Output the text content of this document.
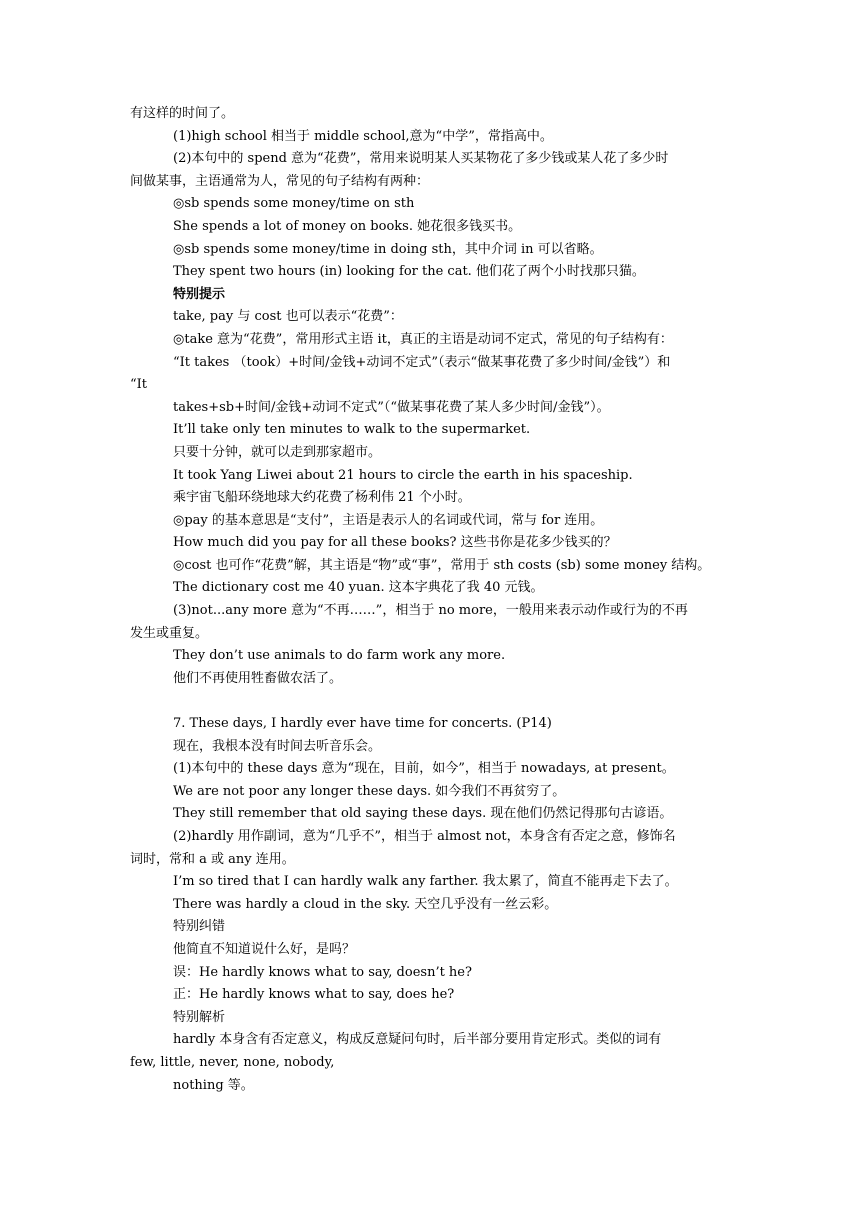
有这样的时间了。
(1)high school 相当于 middle school,意为“中学”，常指高中。
(2)本句中的 spend 意为“花费”，常用来说明某人买某物花了多少钱或某人花了多少时
间做某事，主语通常为人，常见的句子结构有两种：
◎sb spends some money/time on sth
She spends a lot of money on books. 她花很多钱买书。
◎sb spends some money/time in doing sth，其中介词 in 可以省略。
They spent two hours (in) looking for the cat. 他们花了两个小时找那只猫。
特别提示
take, pay 与 cost 也可以表示“花费”：
◎take 意为“花费”，常用形式主语 it，真正的主语是动词不定式，常见的句子结构有：
“It takes （took）+时间/金钱+动词不定式”（表示“做某事花费了多少时间/金钱”）和
“It
takes+sb+时间/金钱+动词不定式”（“做某事花费了某人多少时间/金钱”）。
It’ll take only ten minutes to walk to the supermarket.
只要十分钟，就可以走到那家超市。
It took Yang Liwei about 21 hours to circle the earth in his spaceship.
乘宇宙飞船环绕地球大约花费了杨利伟 21 个小时。
◎pay 的基本意思是“支付”，主语是表示人的名词或代词，常与 for 连用。
How much did you pay for all these books? 这些书你是花多少钱买的？
◎cost 也可作“花费”解，其主语是“物”或“事”，常用于 sth costs (sb) some money 结构。
The dictionary cost me 40 yuan. 这本字典花了我 40 元钱。
(3)not...any more 意为“不再……”，相当于 no more，一般用来表示动作或行为的不再
发生或重复。
They don’t use animals to do farm work any more.
他们不再使用牲畜做农活了。
7. These days, I hardly ever have time for concerts. (P14)
现在，我根本没有时间去听音乐会。
(1)本句中的 these days 意为“现在，目前，如今”，相当于 nowadays, at present。
We are not poor any longer these days. 如今我们不再贫穷了。
They still remember that old saying these days. 现在他们仍然记得那句古谚语。
(2)hardly 用作副词，意为“几乎不”，相当于 almost not，本身含有否定之意，修饰名
词时，常和 a 或 any 连用。
I’m so tired that I can hardly walk any farther. 我太累了，简直不能再走下去了。
There was hardly a cloud in the sky. 天空几乎没有一丝云彩。
特别纠错
他简直不知道说什么好，是吗？
误：He hardly knows what to say, doesn’t he?
正：He hardly knows what to say, does he?
特别解析
hardly 本身含有否定意义，构成反意疑问句时，后半部分要用肯定形式。类似的词有
few, little, never, none, nobody,
nothing 等。
